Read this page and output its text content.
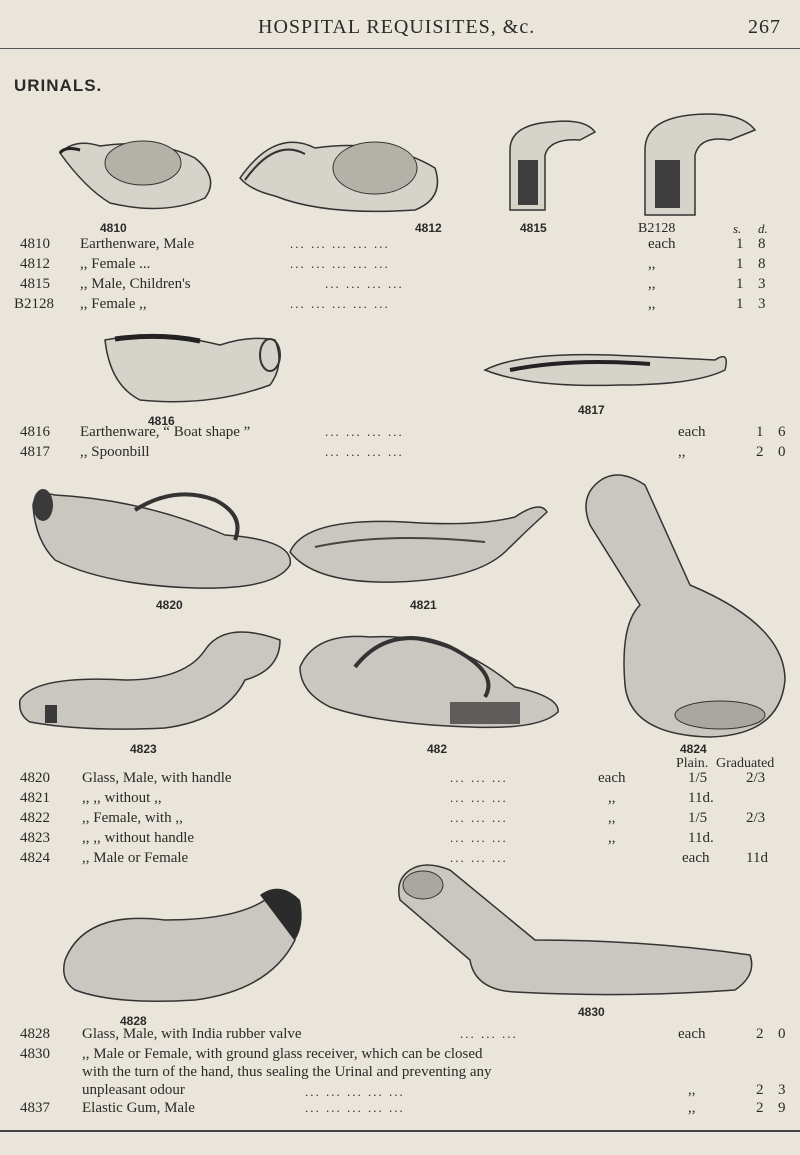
HOSPITAL REQUISITES, &c.	267
URINALS.
4810	4812	4815	B2128	s. d.
4810 Earthenware, Male	... ... ... ... ...	each	1 8
4812 ,, Female ...	... ... ... ... ...	,,	1 8
4815 ,, Male, Children's	... ... ... ...	,,	1 3
B2128 ,, Female ,,	... ... ... ... ...	,,	1 3
4816
4817
4816 Earthenware, “ Boat shape ”	... ... ... ...	each	1 6
4817 ,, Spoonbill	... ... ... ...	,,	2 0
4820	4821
4823	482	4824
Plain. Graduated
4820 Glass, Male, with handle	... ... ...	each	1/5	2/3
4821 ,, ,, without ,,	... ... ...	,,	11d.
4822 ,, Female, with ,,	... ... ...	,,	1/5	2/3
4823 ,, ,, without handle	... ... ...	,,	11d.
4824 ,, Male or Female	... ... ...	each 11d
4828
4830
4828 Glass, Male, with India rubber valve	... ... ...	each	2 0
4830 ,, Male or Female, with ground glass receiver, which can be closed
with the turn of the hand, thus sealing the Urinal and preventing any
unpleasant odour	... ... ... ... ...	,,	2 3
4837 Elastic Gum, Male	... ... ... ... ...	,,	2 9
